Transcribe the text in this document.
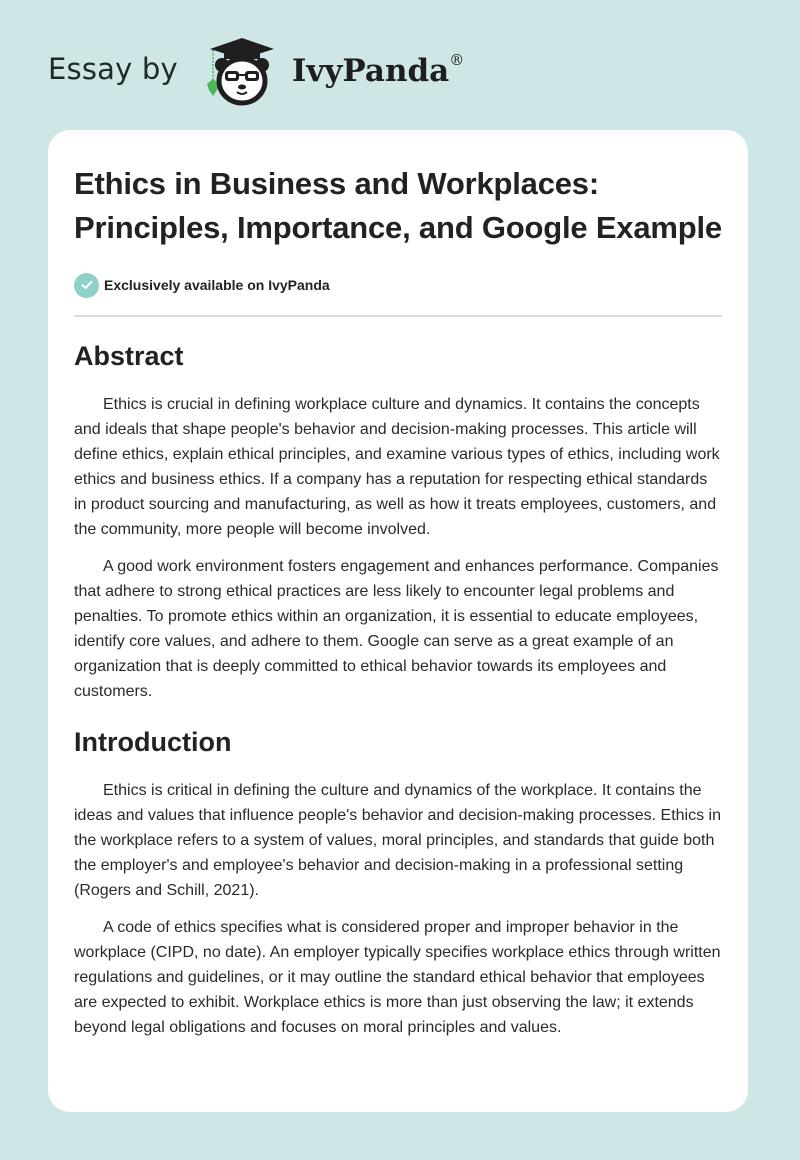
Essay by	IvyPanda®
Ethics in Business and Workplaces: Principles, Importance, and Google Example
Exclusively available on IvyPanda
Abstract

Ethics is crucial in defining workplace culture and dynamics. It contains the concepts and ideals that shape people's behavior and decision-making processes. This article will define ethics, explain ethical principles, and examine various types of ethics, including work ethics and business ethics. If a company has a reputation for respecting ethical standards in product sourcing and manufacturing, as well as how it treats employees, customers, and the community, more people will become involved.

A good work environment fosters engagement and enhances performance. Companies that adhere to strong ethical practices are less likely to encounter legal problems and penalties. To promote ethics within an organization, it is essential to educate employees, identify core values, and adhere to them. Google can serve as a great example of an organization that is deeply committed to ethical behavior towards its employees and customers.

Introduction

Ethics is critical in defining the culture and dynamics of the workplace. It contains the ideas and values that influence people's behavior and decision-making processes. Ethics in the workplace refers to a system of values, moral principles, and standards that guide both the employer's and employee's behavior and decision-making in a professional setting (Rogers and Schill, 2021).

A code of ethics specifies what is considered proper and improper behavior in the workplace (CIPD, no date). An employer typically specifies workplace ethics through written regulations and guidelines, or it may outline the standard ethical behavior that employees are expected to exhibit. Workplace ethics is more than just observing the law; it extends beyond legal obligations and focuses on moral principles and values.
